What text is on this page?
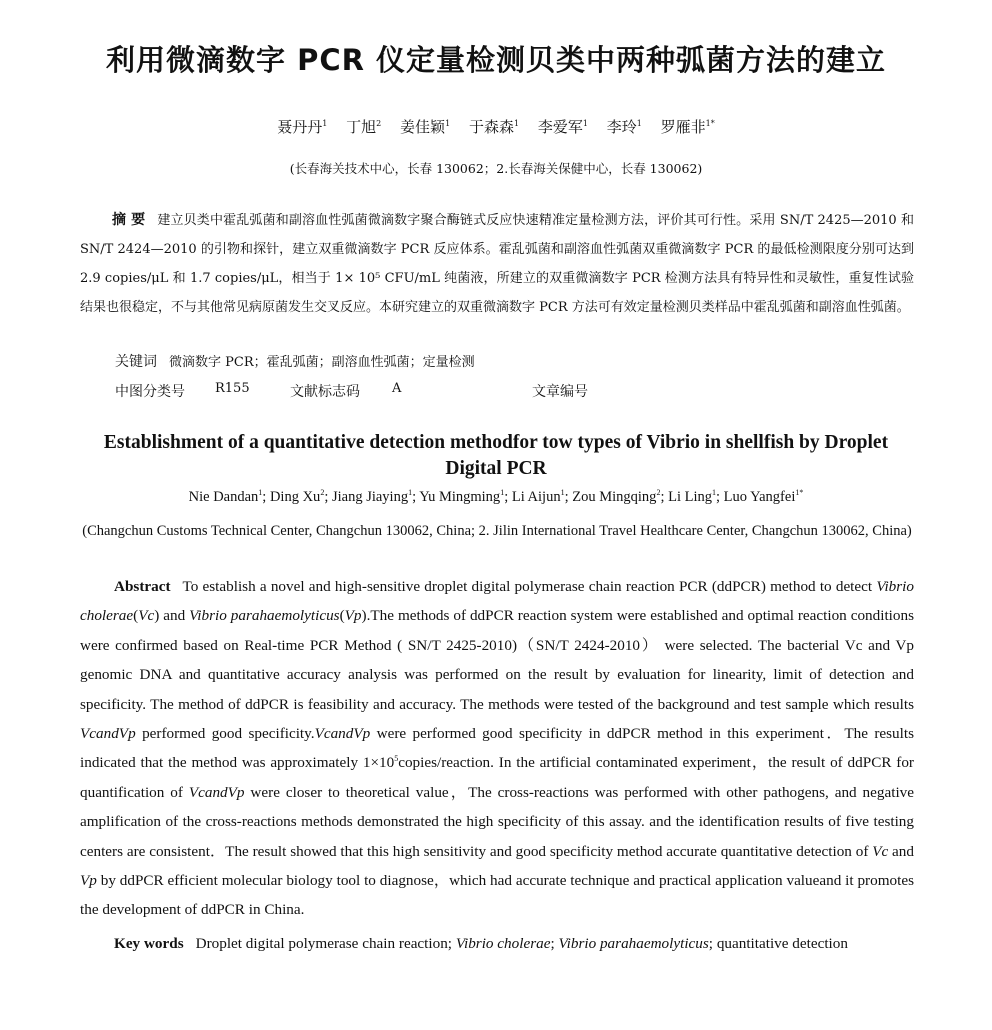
利用微滴数字 PCR 仪定量检测贝类中两种弧菌方法的建立
聂丹丹$^1$ 丁旭$^2$ 姜佳颖$^1$ 于森森$^1$ 李爱军$^1$ 李玲$^1$ 罗雁非$^{1*}$
(长春海关技术中心，长春 130062；2.长春海关保健中心，长春 130062)
摘 要 建立贝类中霍乱弧菌和副溶血性弧菌微滴数字聚合酶链式反应快速精准定量检测方法，评价其可行性。采用 SN/T 2425—2010 和 SN/T 2424—2010 的引物和探针，建立双重微滴数字 PCR 反应体系。霍乱弧菌和副溶血性弧菌双重微滴数字 PCR 的最低检测限度分别可达到 2.9 copies/μL 和 1.7 copies/μL，相当于 1× 10⁵ CFU/mL 纯菌液，所建立的双重微滴数字 PCR 检测方法具有特异性和灵敏性，重复性试验结果也很稳定，不与其他常见病原菌发生交叉反应。本研究建立的双重微滴数字 PCR 方法可有效定量检测贝类样品中霍乱弧菌和副溶血性弧菌。
关键词 微滴数字 PCR；霍乱弧菌；副溶血性弧菌；定量检测
中图分类号 R155	文献标志码 A	文章编号
Establishment of a quantitative detection methodfor tow types of Vibrio in shellfish by Droplet
Digital PCR
Nie Dandan$^1$; Ding Xu$^2$; Jiang Jiaying$^1$; Yu Mingming$^1$; Li Aijun$^1$; Zou Mingqing$^2$; Li Ling$^1$; Luo Yangfei$^{1*}$
(Changchun Customs Technical Center, Changchun 130062, China; 2. Jilin International Travel Healthcare Center, Changchun 130062, China)

Abstract To establish a novel and high-sensitive droplet digital polymerase chain reaction PCR (ddPCR) method to detect Vibrio cholerae(Vc) and Vibrio parahaemolyticus(Vp).The methods of ddPCR reaction system were established and optimal reaction conditions were confirmed based on Real-time PCR Method ( SN/T 2425-2010)（SN/T 2424-2010） were selected. The bacterial Vc and Vp genomic DNA and quantitative accuracy analysis was performed on the result by evaluation for linearity, limit of detection and specificity. The method of ddPCR is feasibility and accuracy. The methods were tested of the background and test sample which results VcandVp performed good specificity.VcandVp were performed good specificity in ddPCR method in this experiment．The results indicated that the method was approximately $1\times 10^5copies$/reaction. In the artificial contaminated experiment，the result of ddPCR for quantification of VcandVp were closer to theoretical value，The cross-reactions was performed with other pathogens, and negative amplification of the cross-reactions methods demonstrated the high specificity of this assay. and the identification results of five testing centers are consistent．The result showed that this high sensitivity and good specificity method accurate quantitative detection of Vc and Vp by ddPCR efficient molecular biology tool to diagnose，which had accurate technique and practical application valueand it promotes the development of ddPCR in China.

Key words Droplet digital polymerase chain reaction; Vibrio cholerae; Vibrio parahaemolyticus; quantitative detection
